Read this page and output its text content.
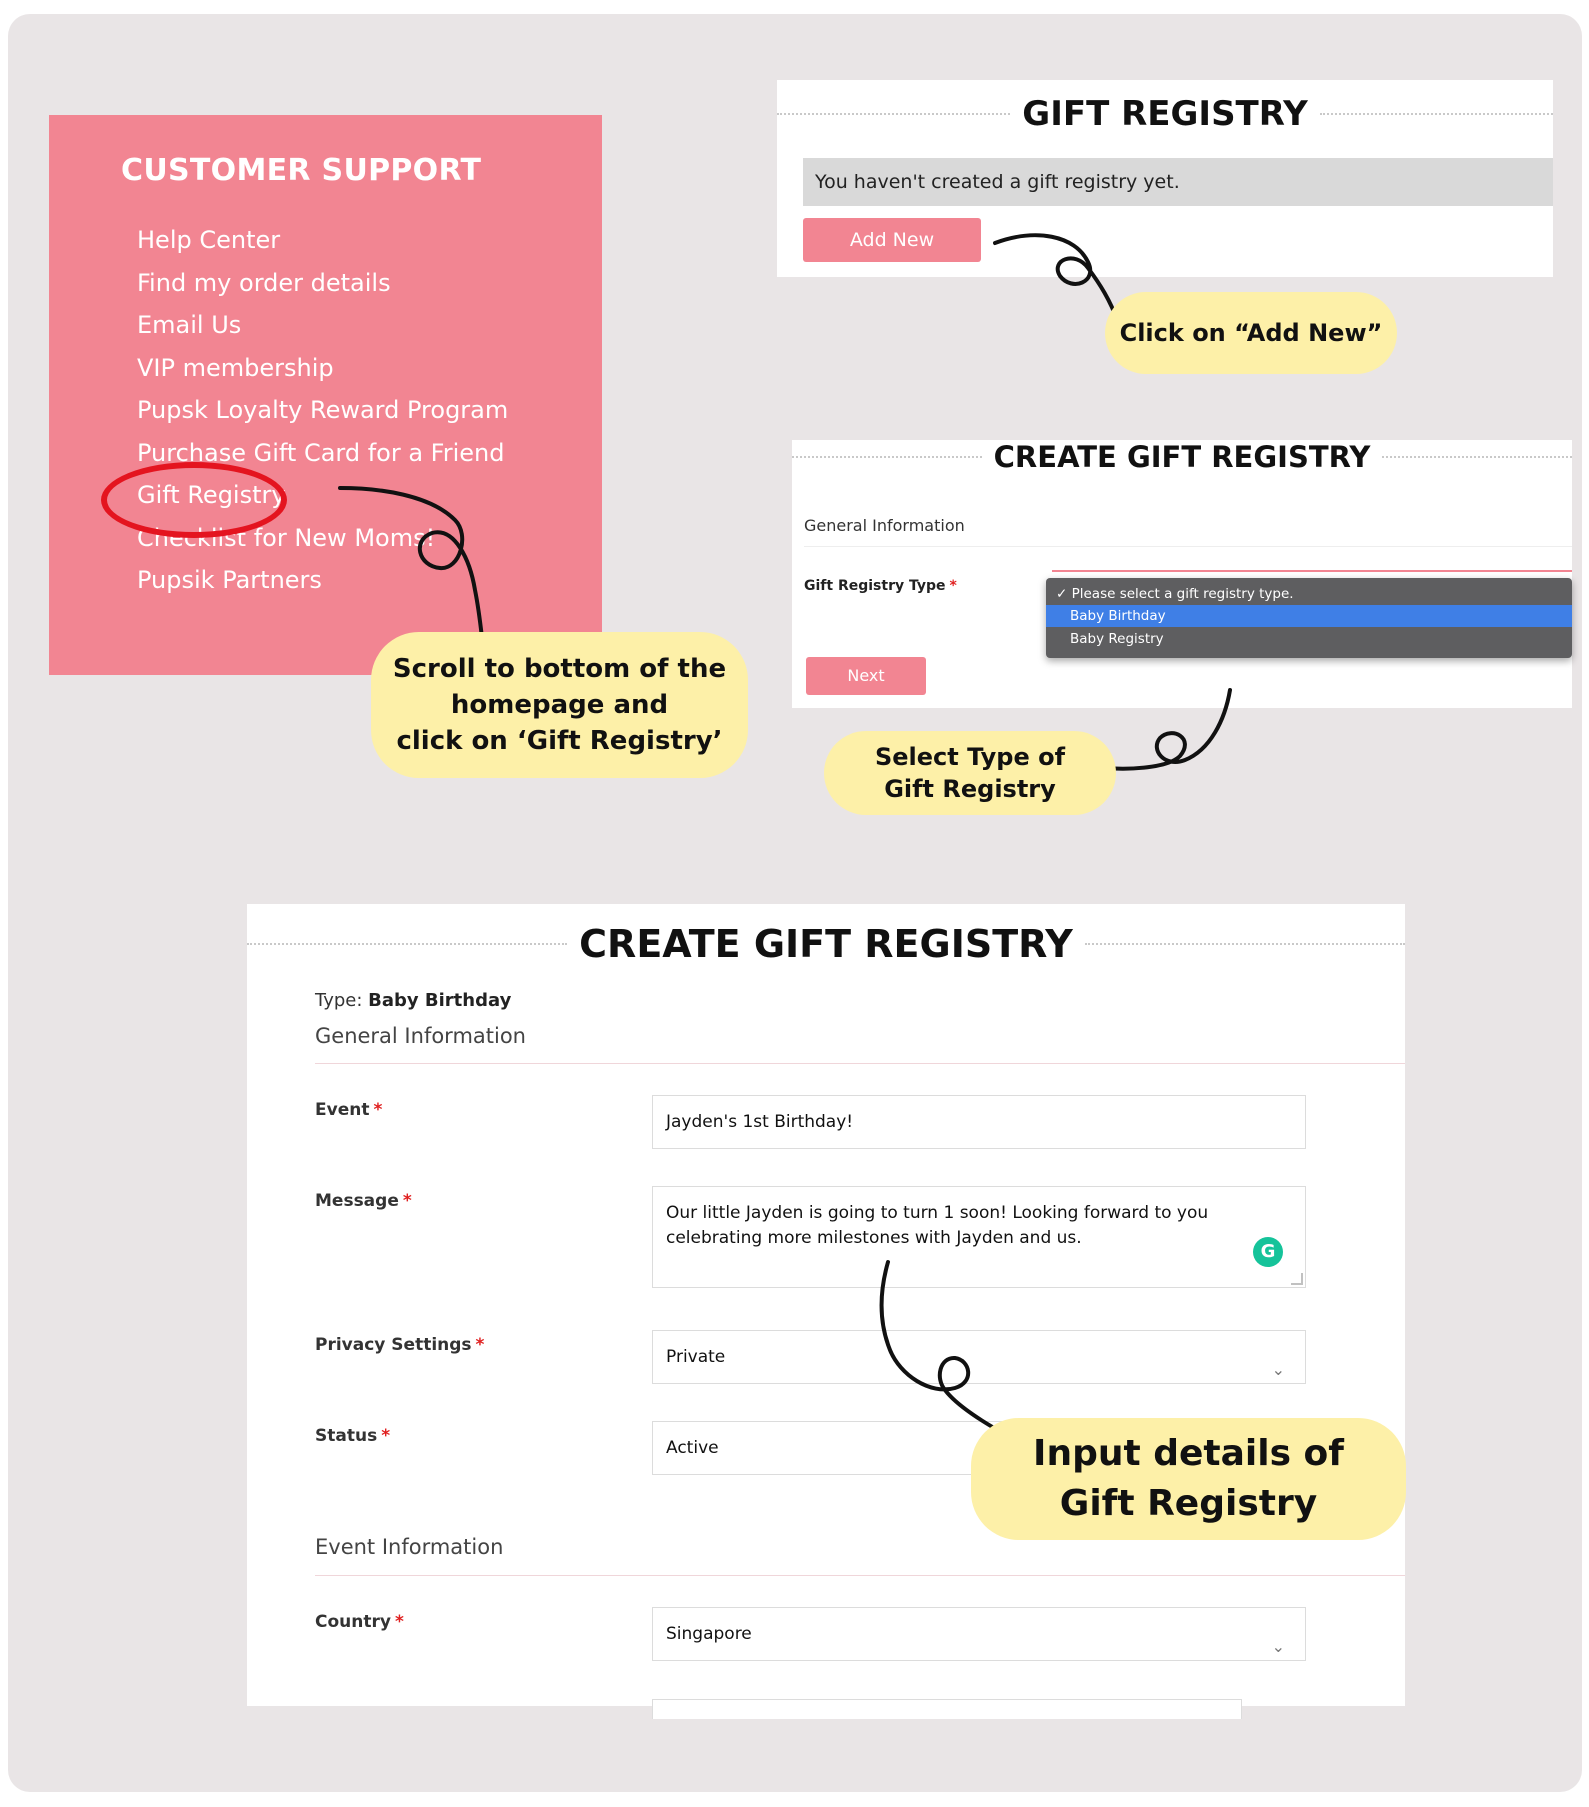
CUSTOMER SUPPORT
Help Center
Find my order details
Email Us
VIP membership
Pupsk Loyalty Reward Program
Purchase Gift Card for a Friend
Gift Registry
Checklist for New Moms!
Pupsik Partners
GIFT REGISTRY
You haven't created a gift registry yet.
Add New
CREATE GIFT REGISTRY
General Information
Gift Registry Type *
Next
✓ Please select a gift registry type.
Baby Birthday
Baby Registry
CREATE GIFT REGISTRY
Type: Baby Birthday
General Information
Event *
Jayden's 1st Birthday!
Message *
Our little Jayden is going to turn 1 soon! Looking forward to you celebrating more milestones with Jayden and us.
G
Privacy Settings *
Private
⌄
Status *
Active
Event Information
Country *
Singapore
⌄
Click on “Add New”
Scroll to bottom of the
homepage and
click on ‘Gift Registry’
Select Type of
Gift Registry
Input details of
Gift Registry
